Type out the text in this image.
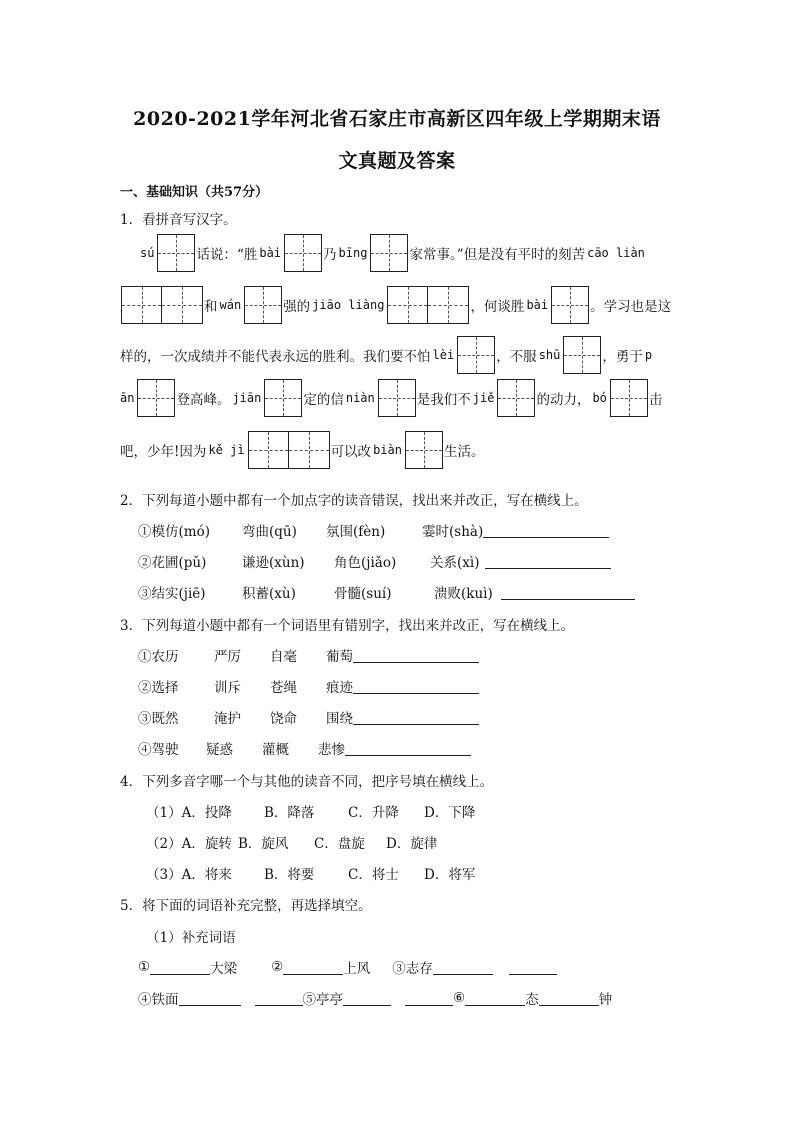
2020-2021学年河北省石家庄市高新区四年级上学期期末语
文真题及答案
一、基础知识（共57分）
1．看拼音写汉字。
sú	话说：“胜 bài	乃 bīng	家常事。”但是没有平时的刻苦 cāo liàn
和 wán	强的 jiāo liàng	，何谈胜 bài	。学习也是这
样的，一次成绩并不能代表永远的胜利。我们要不怕 lèi	，不服 shū	，勇于 p
ān	登高峰。 jiān	定的信 niàn	是我们不 jiě	的动力， bó	击
吧，少年!因为 kě jì	可以改 biàn	生活。
2．下列每道小题中都有一个加点字的读音错误，找出来并改正，写在横线上。
①模仿(mó)	弯曲(qū)	氛围(fèn)	霎时(shà)
②花圃(pǔ)	谦逊(xùn)	角色(jiǎo)	关系(xì)
③结实(jiē)	积蓄(xù)	骨髓(suí)	溃败(kuì)
3．下列每道小题中都有一个词语里有错别字，找出来并改正，写在横线上。
①农历	严厉	自毫	葡萄
②选择	训斥	苍绳	痕迹
③既然	淹护	饶命	围绕
④驾驶	疑惑	灌概	悲惨
4．下列多音字哪一个与其他的读音不同，把序号填在横线上。
（1）A．投降	B．降落	C．升降	D．下降
（2）A．旋转 B．旋风	C．盘旋	D．旋律
（3）A．将来	B．将要	C．将士	D．将军
5．将下面的词语补充完整，再选择填空。
（1）补充词语
①	大梁	②	上风 ③志存
④铁面	⑤亭亭	⑥	态	钟
